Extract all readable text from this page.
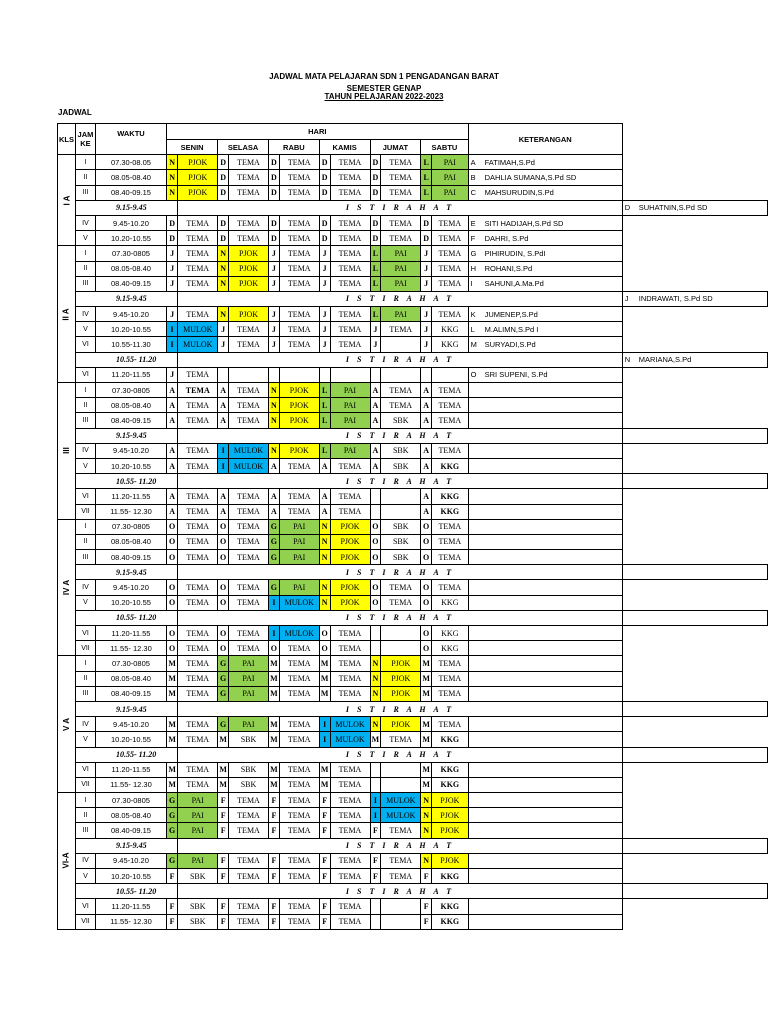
JADWAL MATA PELAJARAN SDN 1 PENGADANGAN BARAT
SEMESTER GENAP
TAHUN PELAJARAN 2022-2023
JADWAL
KLS	JAM KE	WAKTU	HARI												KETERANGAN	
			SENIN		SELASA		RABU		KAMIS		JUMAT		SABTU			
I A	I	07.30-08.05	N	PJOK	D	TEMA	D	TEMA	D	TEMA	D	TEMA	L	PAI	A FATIMAH,S.Pd	
	II	08.05-08.40	N	PJOK	D	TEMA	D	TEMA	D	TEMA	D	TEMA	L	PAI	B DAHLIA SUMANA,S.Pd SD	
	III	08.40-09.15	N	PJOK	D	TEMA	D	TEMA	D	TEMA	D	TEMA	L	PAI	C MAHSURUDIN,S.Pd	
	9.15-9.45			I S T I R A H A T												D SUHATNIN,S.Pd SD
	IV	9.45-10.20	D	TEMA	D	TEMA	D	TEMA	D	TEMA	D	TEMA	D	TEMA	E SITI HADIJAH,S.Pd SD	
	V	10.20-10.55	D	TEMA	D	TEMA	D	TEMA	D	TEMA	D	TEMA	D	TEMA	F DAHRI, S.Pd	
II A	I	07.30-0805	J	TEMA	N	PJOK	J	TEMA	J	TEMA	L	PAI	J	TEMA	G PIHIRUDIN, S.PdI	
	II	08.05-08.40	J	TEMA	N	PJOK	J	TEMA	J	TEMA	L	PAI	J	TEMA	H ROHANI,S.Pd	
	III	08.40-09.15	J	TEMA	N	PJOK	J	TEMA	J	TEMA	L	PAI	J	TEMA	I SAHUNI,A.Ma.Pd	
	9.15-9.45			I S T I R A H A T												J INDRAWATI, S.Pd SD
	IV	9.45-10.20	J	TEMA	N	PJOK	J	TEMA	J	TEMA	L	PAI	J	TEMA	K JUMENEP,S.Pd	
	V	10.20-10.55	I	MULOK	J	TEMA	J	TEMA	J	TEMA	J	TEMA	J	KKG	L M.ALIMN,S.Pd I	
	VI	10.55-11.30	I	MULOK	J	TEMA	J	TEMA	J	TEMA	J		J	KKG	M SURYADI,S.Pd	
	10.55- 11.20			I S T I R A H A T												N MARIANA,S.Pd
	VI	11.20-11.55	J	TEMA											O SRI SUPENI, S.Pd	
III	I	07.30-0805	A	TEMA	A	TEMA	N	PJOK	L	PAI	A	TEMA	A	TEMA		
	II	08.05-08.40	A	TEMA	A	TEMA	N	PJOK	L	PAI	A	TEMA	A	TEMA		
	III	08.40-09.15	A	TEMA	A	TEMA	N	PJOK	L	PAI	A	SBK	A	TEMA		
	9.15-9.45			I S T I R A H A T												
	IV	9.45-10.20	A	TEMA	I	MULOK	N	PJOK	L	PAI	A	SBK	A	TEMA		
	V	10.20-10.55	A	TEMA	I	MULOK	A	TEMA	A	TEMA	A	SBK	A	KKG		
	10.55- 11.20			I S T I R A H A T												
	VI	11.20-11.55	A	TEMA	A	TEMA	A	TEMA	A	TEMA			A	KKG		
	VII	11.55- 12.30	A	TEMA	A	TEMA	A	TEMA	A	TEMA			A	KKG		
IV A	I	07.30-0805	O	TEMA	O	TEMA	G	PAI	N	PJOK	O	SBK	O	TEMA		
	II	08.05-08.40	O	TEMA	O	TEMA	G	PAI	N	PJOK	O	SBK	O	TEMA		
	III	08.40-09.15	O	TEMA	O	TEMA	G	PAI	N	PJOK	O	SBK	O	TEMA		
	9.15-9.45			I S T I R A H A T												
	IV	9.45-10.20	O	TEMA	O	TEMA	G	PAI	N	PJOK	O	TEMA	O	TEMA		
	V	10.20-10.55	O	TEMA	O	TEMA	I	MULOK	N	PJOK	O	TEMA	O	KKG		
	10.55- 11.20			I S T I R A H A T												
	VI	11.20-11.55	O	TEMA	O	TEMA	I	MULOK	O	TEMA			O	KKG		
	VII	11.55- 12.30	O	TEMA	O	TEMA	O	TEMA	O	TEMA			O	KKG		
V A	I	07.30-0805	M	TEMA	G	PAI	M	TEMA	M	TEMA	N	PJOK	M	TEMA		
	II	08.05-08.40	M	TEMA	G	PAI	M	TEMA	M	TEMA	N	PJOK	M	TEMA		
	III	08.40-09.15	M	TEMA	G	PAI	M	TEMA	M	TEMA	N	PJOK	M	TEMA		
	9.15-9.45			I S T I R A H A T												
	IV	9.45-10.20	M	TEMA	G	PAI	M	TEMA	I	MULOK	N	PJOK	M	TEMA		
	V	10.20-10.55	M	TEMA	M	SBK	M	TEMA	I	MULOK	M	TEMA	M	KKG		
	10.55- 11.20			I S T I R A H A T												
	VI	11.20-11.55	M	TEMA	M	SBK	M	TEMA	M	TEMA			M	KKG		
	VII	11.55- 12.30	M	TEMA	M	SBK	M	TEMA	M	TEMA			M	KKG		
VI-A	I	07.30-0805	G	PAI	F	TEMA	F	TEMA	F	TEMA	I	MULOK	N	PJOK		
	II	08.05-08.40	G	PAI	F	TEMA	F	TEMA	F	TEMA	I	MULOK	N	PJOK		
	III	08.40-09.15	G	PAI	F	TEMA	F	TEMA	F	TEMA	F	TEMA	N	PJOK		
	9.15-9.45			I S T I R A H A T												
	IV	9.45-10.20	G	PAI	F	TEMA	F	TEMA	F	TEMA	F	TEMA	N	PJOK		
	V	10.20-10.55	F	SBK	F	TEMA	F	TEMA	F	TEMA	F	TEMA	F	KKG		
	10.55- 11.20			I S T I R A H A T												
	VI	11.20-11.55	F	SBK	F	TEMA	F	TEMA	F	TEMA			F	KKG		
	VII	11.55- 12.30	F	SBK	F	TEMA	F	TEMA	F	TEMA			F	KKG		
